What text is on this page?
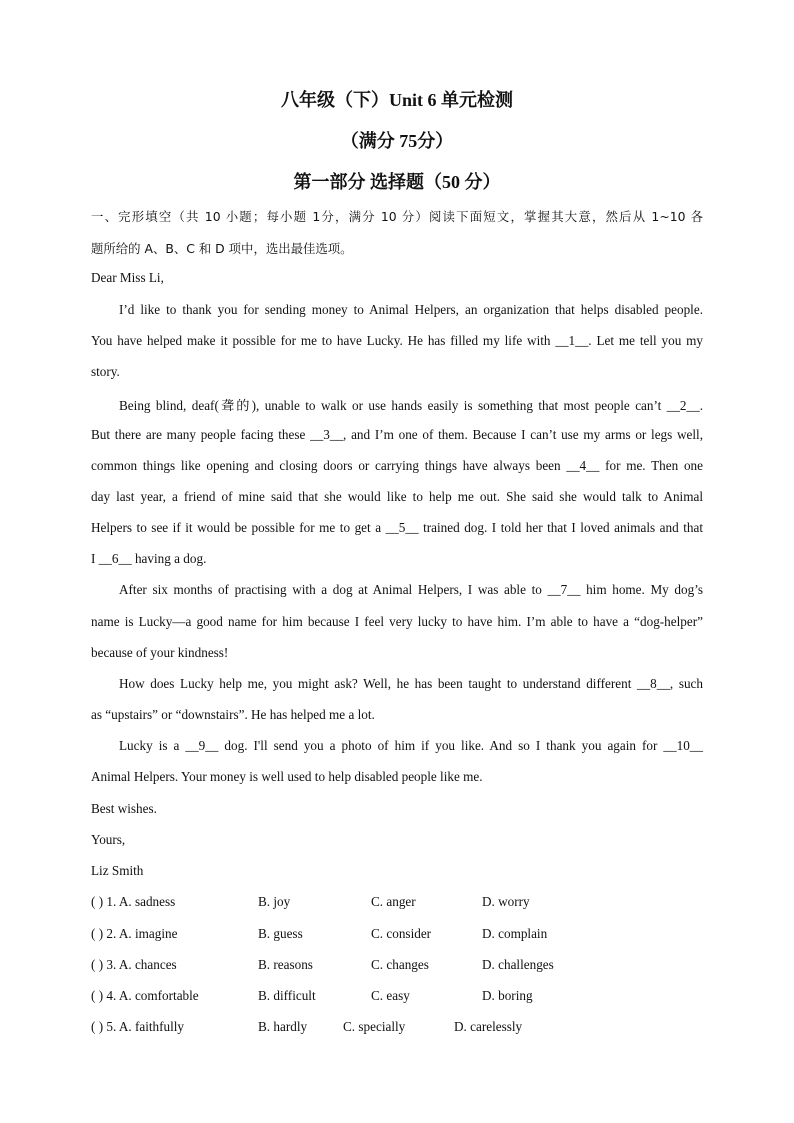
八年级（下）Unit 6 单元检测
（满分 75分）
第一部分 选择题（50 分）
一、完形填空（共 10 小题；每小题 1分，满分 10 分）阅读下面短文，掌握其大意，然后从 1~10 各
题所给的 A、B、C 和 D 项中，选出最佳选项。
Dear Miss Li,
I’d like to thank you for sending money to Animal Helpers, an organization that helps disabled people.
You have helped make it possible for me to have Lucky. He has filled my life with __1__. Let me tell you my
story.
Being blind, deaf(聋的), unable to walk or use hands easily is something that most people can’t __2__.
But there are many people facing these __3__, and I’m one of them. Because I can’t use my arms or legs well,
common things like opening and closing doors or carrying things have always been __4__ for me. Then one
day last year, a friend of mine said that she would like to help me out. She said she would talk to Animal
Helpers to see if it would be possible for me to get a __5__ trained dog. I told her that I loved animals and that
I __6__ having a dog.
After six months of practising with a dog at Animal Helpers, I was able to __7__ him home. My dog’s
name is Lucky—a good name for him because I feel very lucky to have him. I’m able to have a “dog-helper”
because of your kindness!
How does Lucky help me, you might ask? Well, he has been taught to understand different __8__, such
as “upstairs” or “downstairs”. He has helped me a lot.
Lucky is a __9__ dog. I'll send you a photo of him if you like. And so I thank you again for __10__
Animal Helpers. Your money is well used to help disabled people like me.
Best wishes.
Yours,
Liz Smith
( ) 1. A. sadness	B. joy	C. anger	D. worry
( ) 2. A. imagine	B. guess	C. consider	D. complain
( ) 3. A. chances	B. reasons	C. changes	D. challenges
( ) 4. A. comfortable	B. difficult	C. easy	D. boring
( ) 5. A. faithfully	B. hardly	C. specially	D. carelessly
